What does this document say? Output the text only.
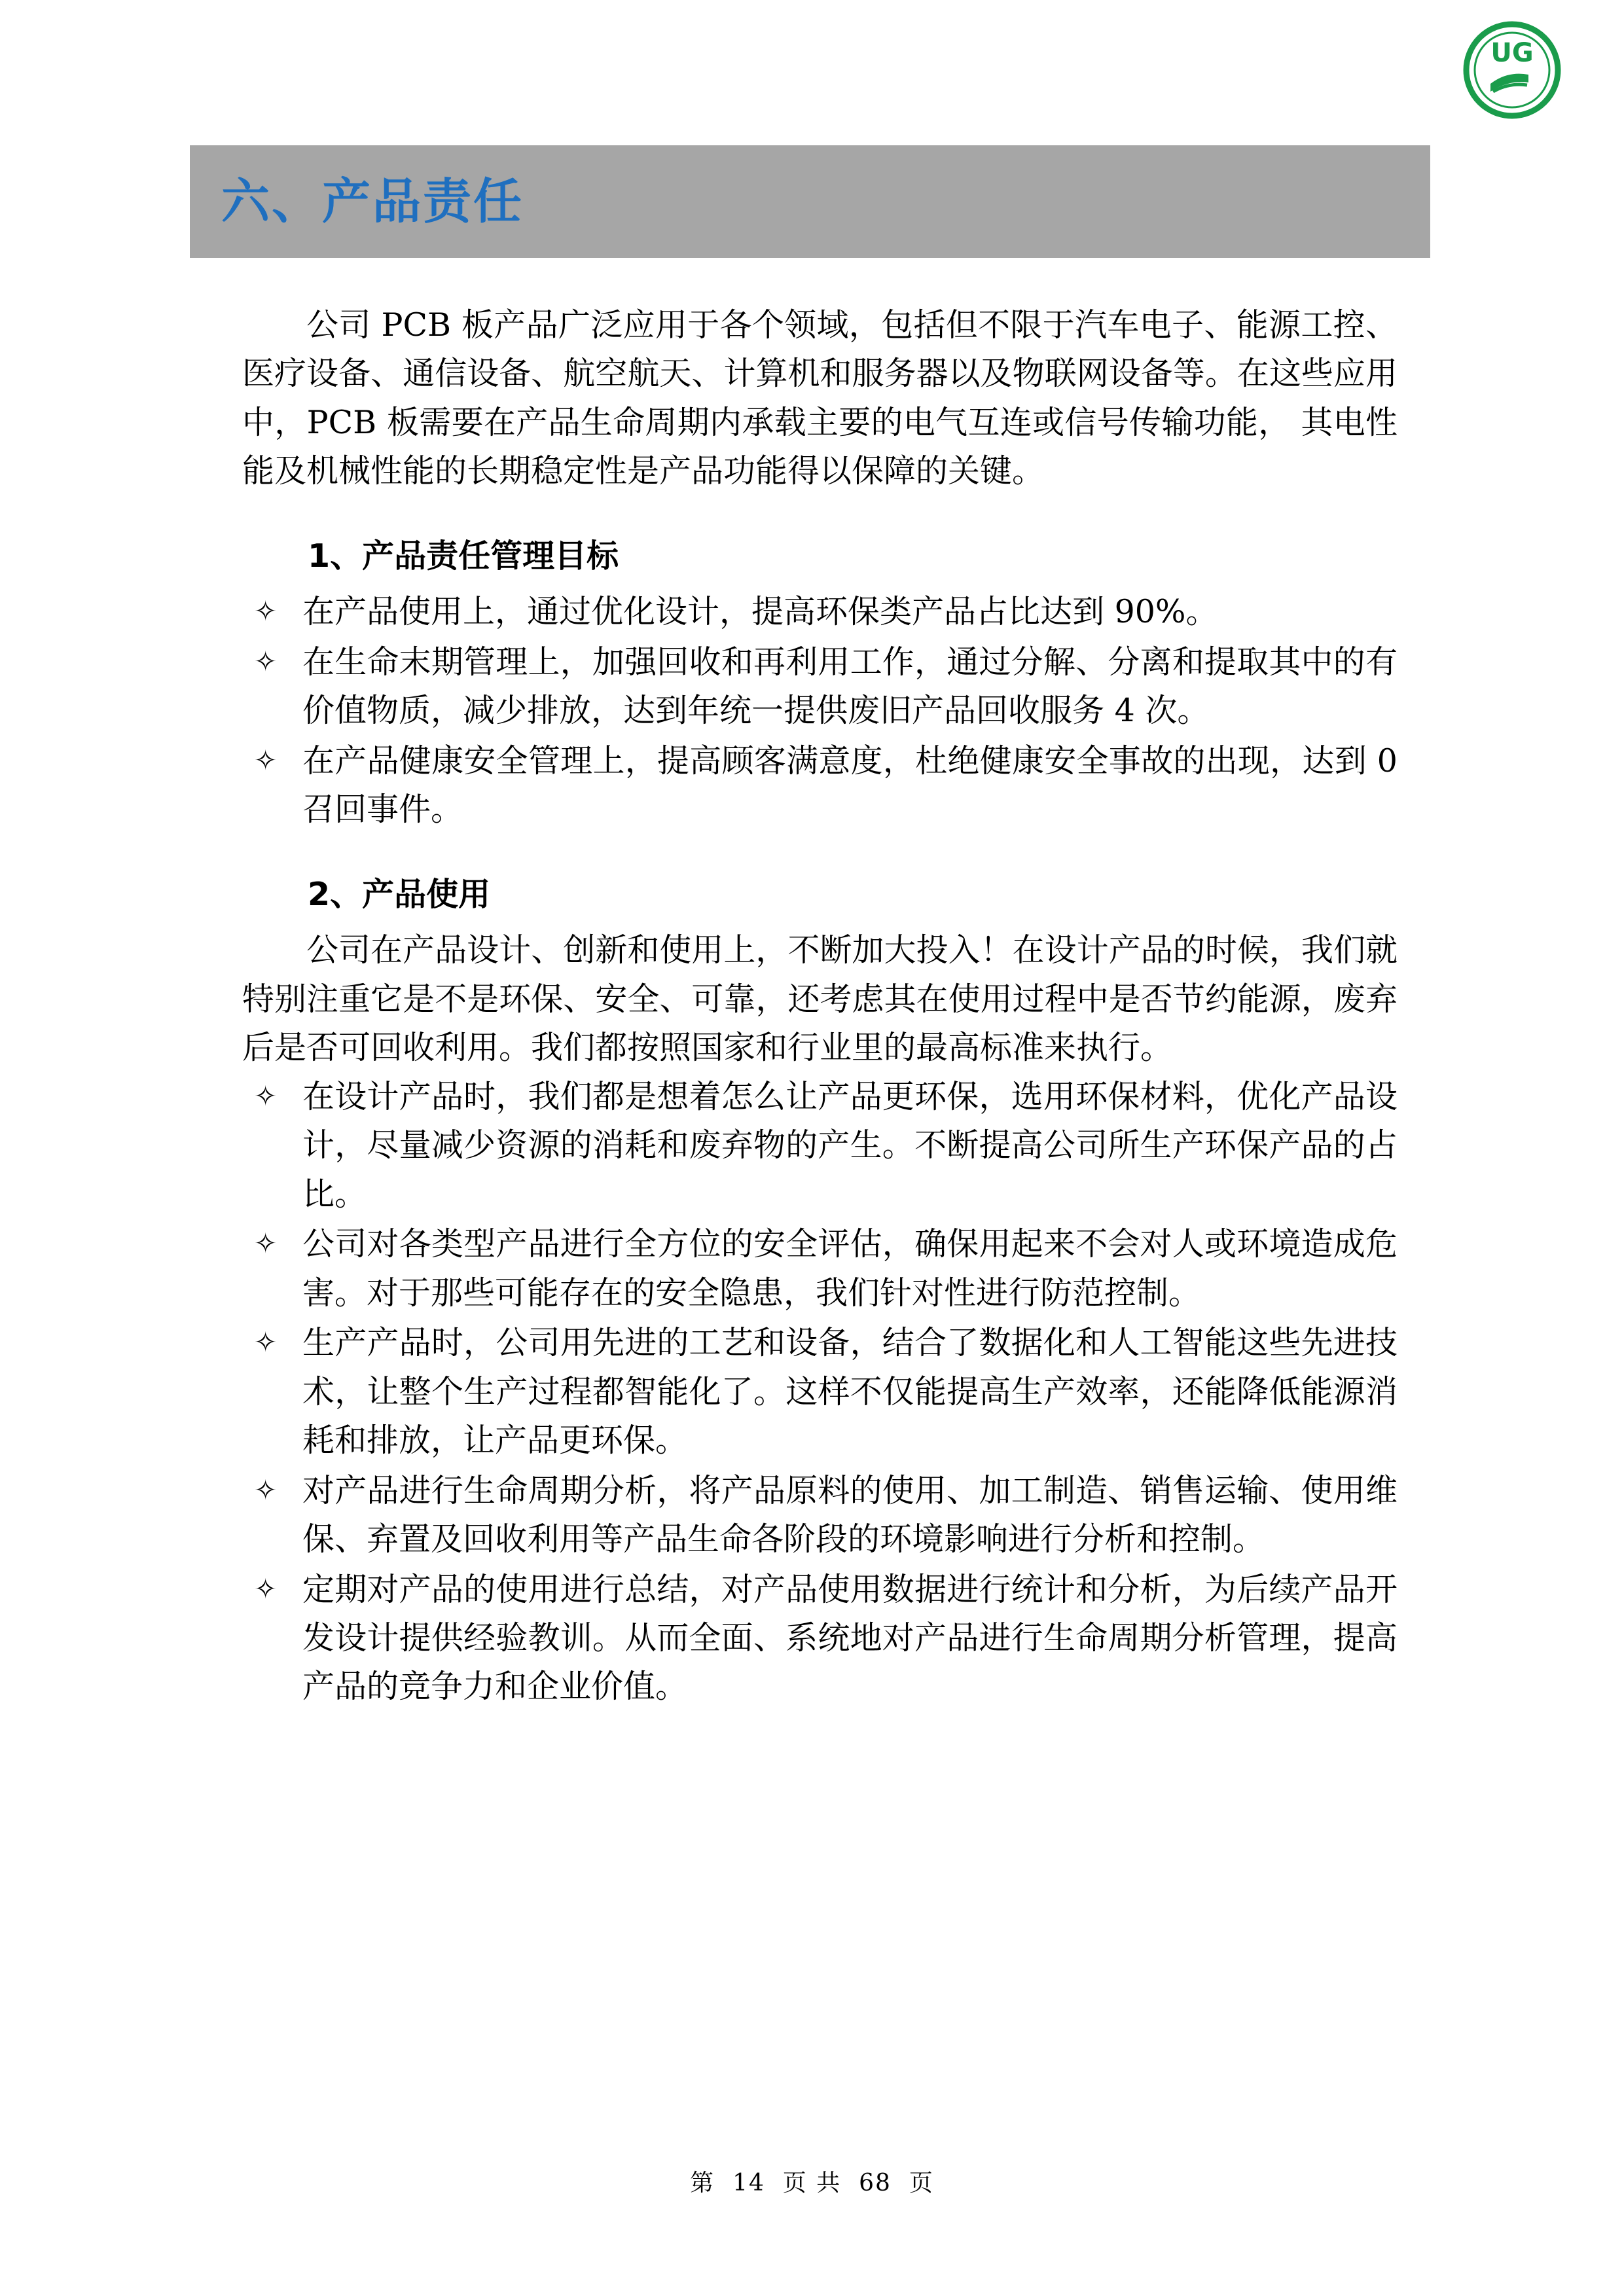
UG
六、产品责任

公司 PCB 板产品广泛应用于各个领域，包括但不限于汽车电子、能源工控、医疗设备、通信设备、航空航天、计算机和服务器以及物联网设备等。在这些应用中，PCB 板需要在产品生命周期内承载主要的电气互连或信号传输功能， 其电性能及机械性能的长期稳定性是产品功能得以保障的关键。

1、产品责任管理目标
✧ 在产品使用上，通过优化设计，提高环保类产品占比达到 90%。
✧ 在生命末期管理上，加强回收和再利用工作，通过分解、分离和提取其中的有价值物质，减少排放，达到年统一提供废旧产品回收服务 4 次。
✧ 在产品健康安全管理上，提高顾客满意度，杜绝健康安全事故的出现，达到 0 召回事件。
2、产品使用

公司在产品设计、创新和使用上，不断加大投入！在设计产品的时候，我们就特别注重它是不是环保、安全、可靠，还考虑其在使用过程中是否节约能源，废弃后是否可回收利用。我们都按照国家和行业里的最高标准来执行。

✧ 在设计产品时，我们都是想着怎么让产品更环保，选用环保材料，优化产品设计，尽量减少资源的消耗和废弃物的产生。不断提高公司所生产环保产品的占比。
✧ 公司对各类型产品进行全方位的安全评估，确保用起来不会对人或环境造成危害。对于那些可能存在的安全隐患，我们针对性进行防范控制。
✧ 生产产品时，公司用先进的工艺和设备，结合了数据化和人工智能这些先进技术，让整个生产过程都智能化了。这样不仅能提高生产效率，还能降低能源消耗和排放，让产品更环保。
✧ 对产品进行生命周期分析，将产品原料的使用、加工制造、销售运输、使用维保、弃置及回收利用等产品生命各阶段的环境影响进行分析和控制。
✧ 定期对产品的使用进行总结，对产品使用数据进行统计和分析，为后续产品开发设计提供经验教训。从而全面、系统地对产品进行生命周期分析管理，提高产品的竞争力和企业价值。
第 14 页 共 68 页
